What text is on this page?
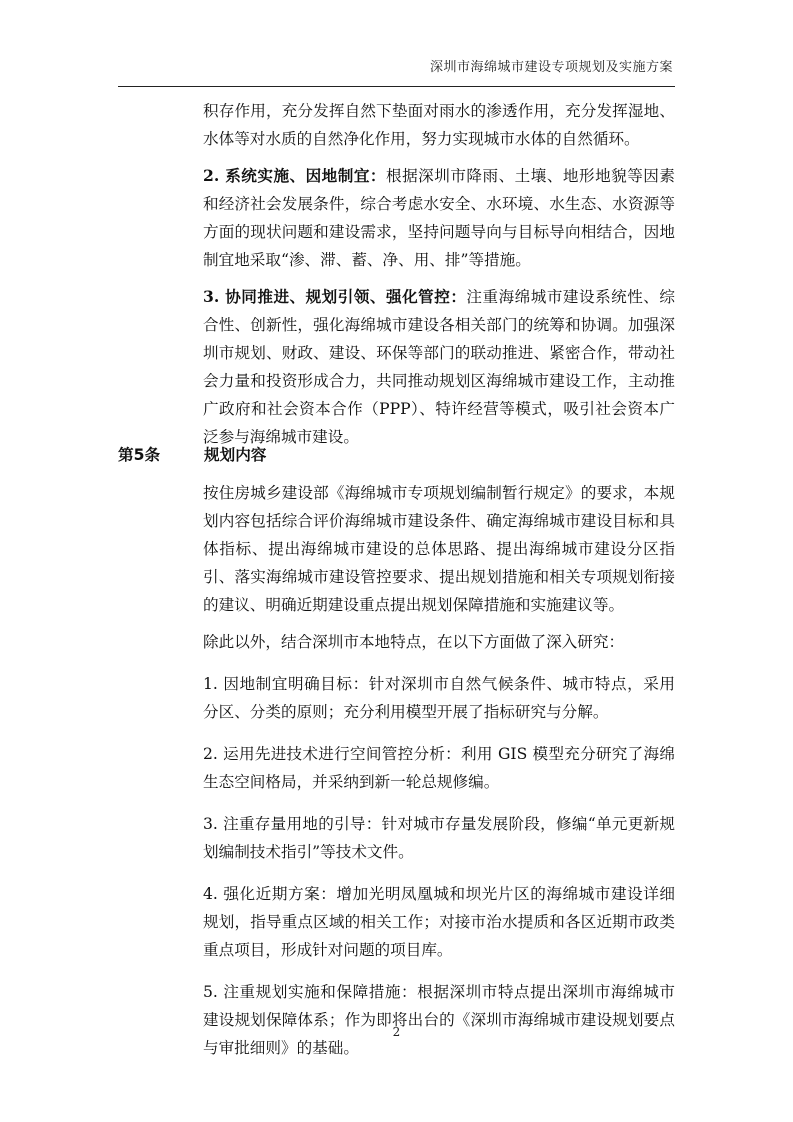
深圳市海绵城市建设专项规划及实施方案

积存作用，充分发挥自然下垫面对雨水的渗透作用，充分发挥湿地、水体等对水质的自然净化作用，努力实现城市水体的自然循环。

2. 系统实施、因地制宜：根据深圳市降雨、土壤、地形地貌等因素和经济社会发展条件，综合考虑水安全、水环境、水生态、水资源等方面的现状问题和建设需求，坚持问题导向与目标导向相结合，因地制宜地采取“渗、滞、蓄、净、用、排”等措施。

3. 协同推进、规划引领、强化管控：注重海绵城市建设系统性、综合性、创新性，强化海绵城市建设各相关部门的统筹和协调。加强深圳市规划、财政、建设、环保等部门的联动推进、紧密合作，带动社会力量和投资形成合力，共同推动规划区海绵城市建设工作，主动推广政府和社会资本合作（PPP）、特许经营等模式，吸引社会资本广泛参与海绵城市建设。

第5条	规划内容

按住房城乡建设部《海绵城市专项规划编制暂行规定》的要求，本规划内容包括综合评价海绵城市建设条件、确定海绵城市建设目标和具体指标、提出海绵城市建设的总体思路、提出海绵城市建设分区指引、落实海绵城市建设管控要求、提出规划措施和相关专项规划衔接的建议、明确近期建设重点提出规划保障措施和实施建议等。

除此以外，结合深圳市本地特点，在以下方面做了深入研究：

1. 因地制宜明确目标：针对深圳市自然气候条件、城市特点，采用分区、分类的原则；充分利用模型开展了指标研究与分解。

2. 运用先进技术进行空间管控分析：利用 GIS 模型充分研究了海绵生态空间格局，并采纳到新一轮总规修编。

3. 注重存量用地的引导：针对城市存量发展阶段，修编“单元更新规划编制技术指引”等技术文件。

4. 强化近期方案：增加光明凤凰城和坝光片区的海绵城市建设详细规划，指导重点区域的相关工作；对接市治水提质和各区近期市政类重点项目，形成针对问题的项目库。

5. 注重规划实施和保障措施：根据深圳市特点提出深圳市海绵城市建设规划保障体系；作为即将出台的《深圳市海绵城市建设规划要点与审批细则》的基础。

2
